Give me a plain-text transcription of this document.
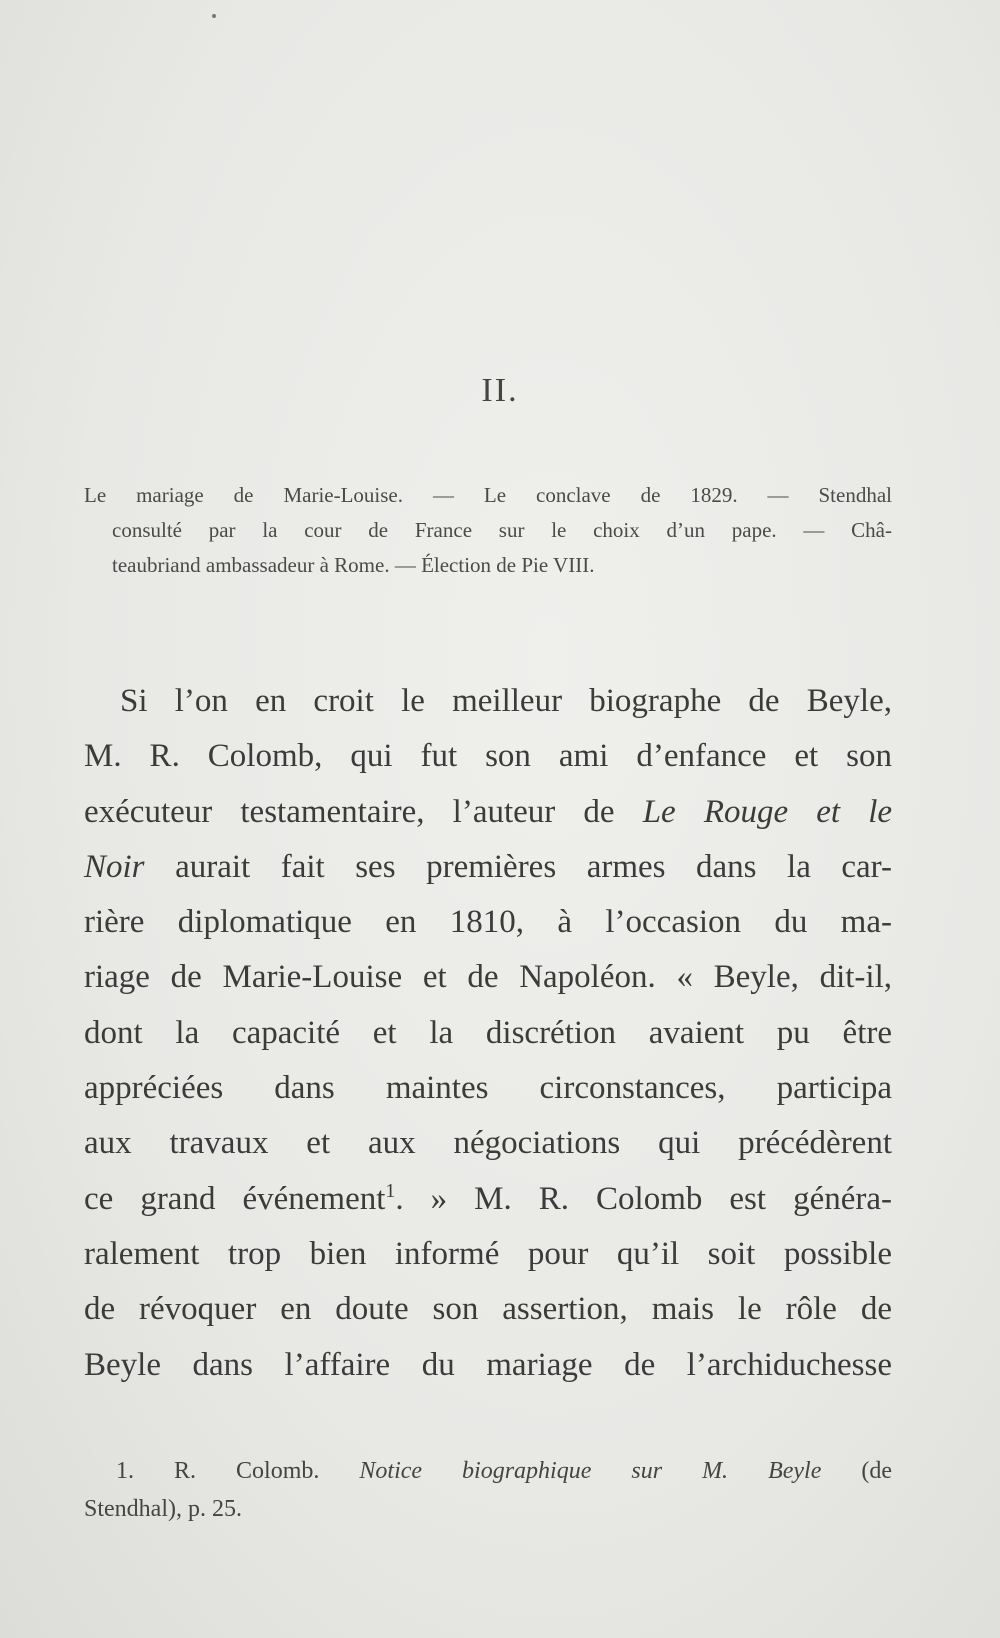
II.
Le mariage de Marie-Louise. — Le conclave de 1829. — Stendhal
consulté par la cour de France sur le choix d’un pape. — Châ-
teaubriand ambassadeur à Rome. — Élection de Pie VIII.
Si l’on en croit le meilleur biographe de Beyle,
M. R. Colomb, qui fut son ami d’enfance et son
exécuteur testamentaire, l’auteur de Le Rouge et le
Noir aurait fait ses premières armes dans la car-
rière diplomatique en 1810, à l’occasion du ma-
riage de Marie-Louise et de Napoléon. « Beyle, dit-il,
dont la capacité et la discrétion avaient pu être
appréciées dans maintes circonstances, participa
aux travaux et aux négociations qui précédèrent
ce grand événement$^1$. » M. R. Colomb est généra-
ralement trop bien informé pour qu’il soit possible
de révoquer en doute son assertion, mais le rôle de
Beyle dans l’affaire du mariage de l’archiduchesse
1. R. Colomb. Notice biographique sur M. Beyle (de
Stendhal), p. 25.
